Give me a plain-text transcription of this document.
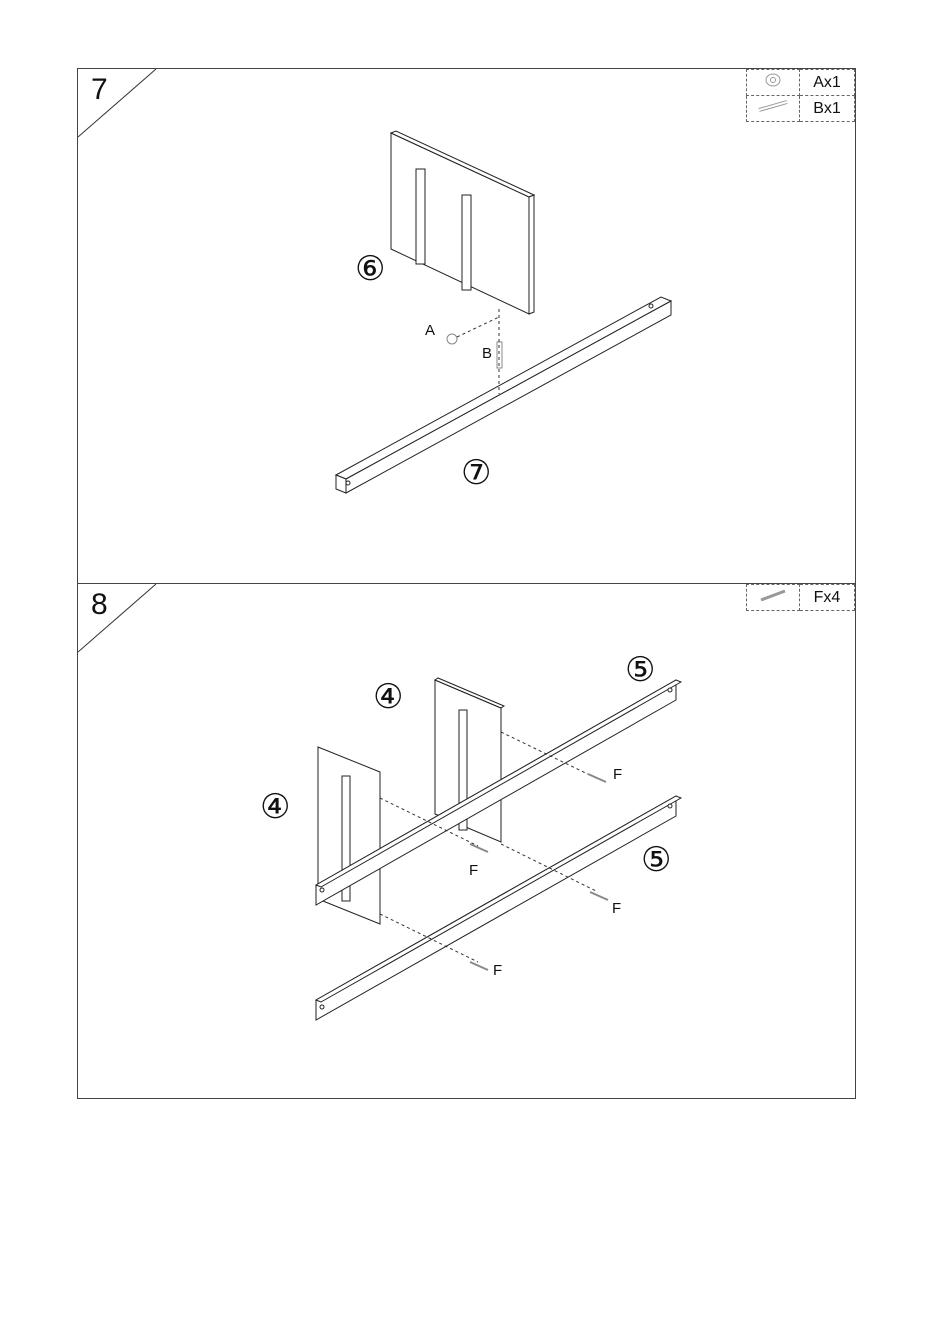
7
		Ax1
	Bx1
⑥
⑦
A
B
8
		Fx4
④
④
⑤
⑤
F
F
F
F
